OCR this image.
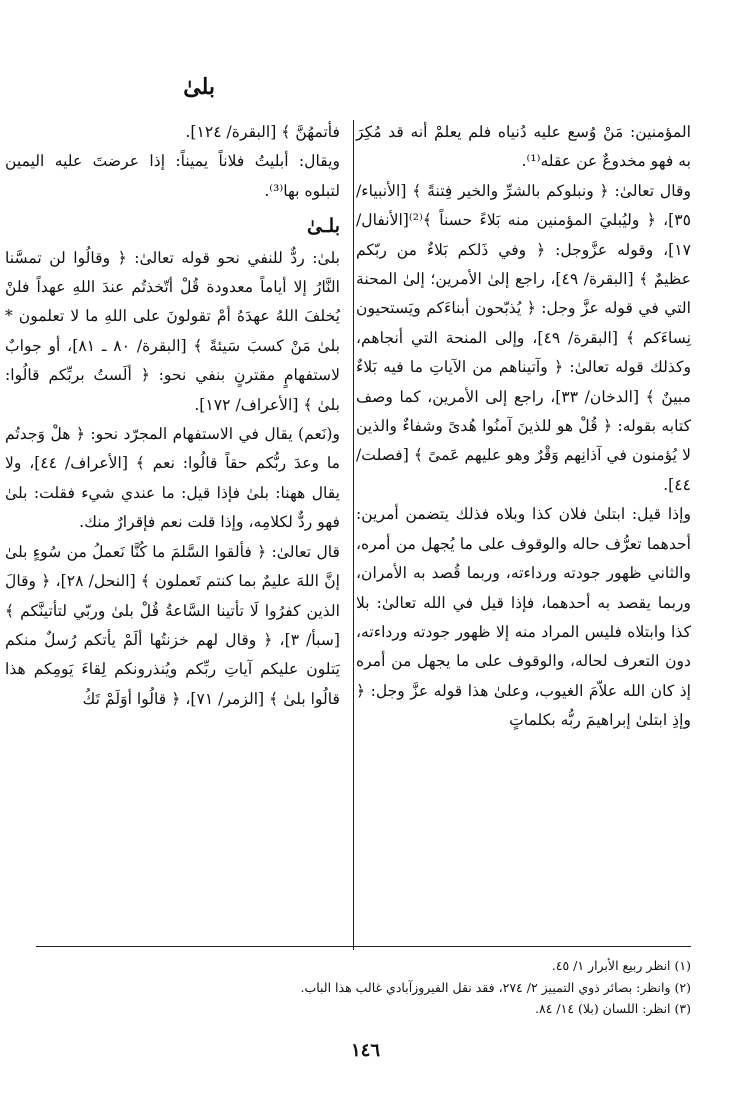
بلىٰ

المؤمنين: مَنْ وُسع عليه دُنياه فلم يعلمْ أنه قد مُكِرَ به فهو مخدوعٌ عن عقله⁽¹⁾.

وقال تعالىٰ: ﴿ ونبلوكم بالشرِّ والخير فِتنةً ﴾ [الأنبياء/ ٣٥]، ﴿ وليُبليَ المؤمنين منه بَلاءً حسناً ﴾⁽²⁾[الأنفال/١٧]، وقوله عزَّوجل: ﴿ وفي ذَلكم بَلاءٌ من ربّكم عظيمٌ ﴾ [البقرة/ ٤٩]، راجع إلىٰ الأمرين؛ إلىٰ المحنة التي في قوله عزَّ وجل: ﴿ يُذبّحون أبناءَكم ويَستحيون نِساءَكم ﴾ [البقرة/ ٤٩]، وإلى المنحة التي أنجاهم، وكذلك قوله تعالىٰ: ﴿ وآتيناهم من الآياتِ ما فيه بَلاءٌ مبينٌ ﴾ [الدخان/ ٣٣]، راجع إلى الأمرين، كما وصف كتابه بقوله: ﴿ قُلْ هو للذينَ آمنُوا هُدىً وشفاءٌ والذين لا يُؤمنون في آذانِهم وَقْرٌ وهو عليهم عَمىً ﴾ [فصلت/ ٤٤].

وإذا قيل: ابتلىٰ فلان كذا وبلاه فذلك يتضمن أمرين: أحدهما تعرُّف حاله والوقوف على ما يُجهل من أمره، والثاني ظهور جودته ورداءته، وربما قُصد به الأمران، وربما يقصد به أحدهما، فإذا قيل في الله تعالىٰ: بلا كذا وابتلاه فليس المراد منه إلا ظهور جودته ورداءته، دون التعرف لحاله، والوقوف على ما يجهل من أمره إذ كان الله علاّمَ الغيوب، وعلىٰ هذا قوله عزَّ وجل: ﴿ وإذِ ابتلىٰ إبراهيمَ ربُّه بكلماتٍ

فأتمهُنَّ ﴾ [البقرة/ ١٢٤].

ويقال: أبليتُ فلاناً يميناً: إذا عرضتَ عليه اليمين لتبلوه بها⁽³⁾.

بلـىٰ

بلىٰ: ردٌّ للنفي نحو قوله تعالىٰ: ﴿ وقالُوا لن تمسَّنا النَّارُ إلا أياماً معدودة قُلْ أتّخذتُم عندَ اللهِ عهداً فلنْ يُخلفَ اللهُ عهدَهُ أمْ تقولونَ على اللهِ ما لا تعلمون * بلىٰ مَنْ كسبَ سَيئةً ﴾ [البقرة/ ٨٠ ـ ٨١]، أو جوابٌ لاستفهامٍ مقترنٍ بنفي نحو: ﴿ ألَستُ بربِّكم قالُوا: بلىٰ ﴾ [الأعراف/ ١٧٢].

و(نَعم) يقال في الاستفهام المجرّد نحو: ﴿ هلْ وَجدتُم ما وعدَ ربُّكم حقاً قالُوا: نعم ﴾ [الأعراف/ ٤٤]، ولا يقال ههنا: بلىٰ فإذا قيل: ما عندي شيء فقلت: بلىٰ فهو ردٌّ لكلامِه، وإذا قلت نعم فإقرارٌ منك.

قال تعالىٰ: ﴿ فألقوا السَّلمَ ما كُنَّا نَعملُ من سُوءٍ بلىٰ إنَّ اللهَ عليمٌ بما كنتم تَعملون ﴾ [النحل/ ٢٨]، ﴿ وقالَ الذين كفرُوا لَا تأتينا السَّاعةُ قُلْ بلىٰ وربّي لتأتينَّكم ﴾ [سبأ/ ٣]، ﴿ وقال لهم خزنتُها ألَمْ يأتكم رُسلٌ منكم يَتلون عليكم آياتِ ربِّكم ويُنذرونكم لِقاءَ يَومِكم هذا قالُوا بلىٰ ﴾ [الزمر/ ٧١]، ﴿ قالُوا أوَلَمْ تَكُ

(١) انظر ربيع الأبرار ١/ ٤٥.
(٢) وانظر: بصائر ذوي التمييز ٢/ ٢٧٤، فقد نقل الفيروزآبادي غالب هذا الباب.
(٣) انظر: اللسان (بلا) ١٤/ ٨٤.
١٤٦
